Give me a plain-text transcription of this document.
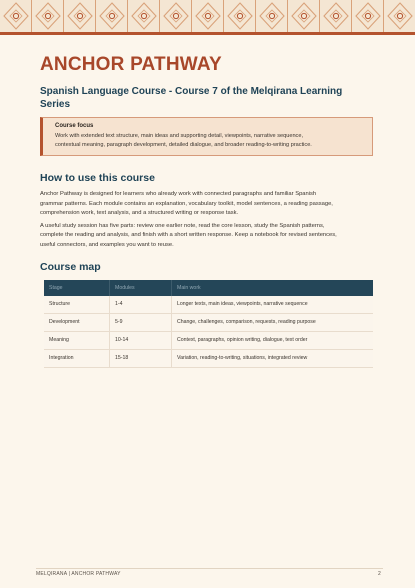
ANCHOR PATHWAY
Spanish Language Course - Course 7 of the Melqirana Learning Series
Course focus
Work with extended text structure, main ideas and supporting detail, viewpoints, narrative sequence,
contextual meaning, paragraph development, detailed dialogue, and broader reading-to-writing practice.
How to use this course
Anchor Pathway is designed for learners who already work with connected paragraphs and familiar Spanish
grammar patterns. Each module contains an explanation, vocabulary toolkit, model sentences, a reading passage,
comprehension work, text analysis, and a structured writing or response task.
A useful study session has five parts: review one earlier note, read the core lesson, study the Spanish patterns,
complete the reading and analysis, and finish with a short written response. Keep a notebook for revised sentences,
useful connectors, and examples you want to reuse.
Course map
Stage	Modules	Main work
Structure	1-4	Longer texts, main ideas, viewpoints, narrative sequence
Development	5-9	Change, challenges, comparison, requests, reading purpose
Meaning	10-14	Context, paragraphs, opinion writing, dialogue, text order
Integration	15-18	Variation, reading-to-writing, situations, integrated review
MELQIRANA | ANCHOR PATHWAY	2
